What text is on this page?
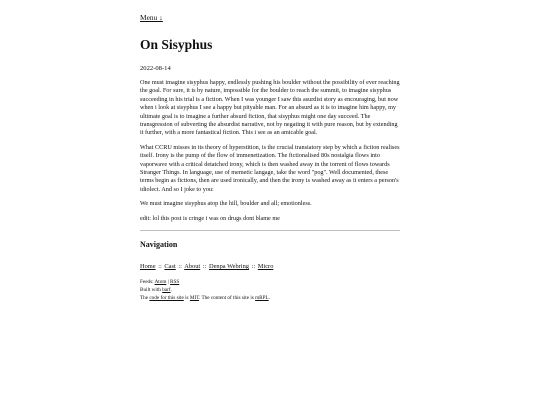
Menu ↓
On Sisyphus
2022-08-14

One must imagine sisyphus happy, endlessly pushing his boulder without the possibility of ever reaching the goal. For sure, it is by nature, impossible for the boulder to reach the summit, to imagine sisyphus succeeding in his trial is a fiction. When I was younger I saw this asurdist story as encouraging, but now when i look at sisyphus I see a happy but pityable man. For an absurd as it is to imagine him happy, my ultimate goal is to imagine a further absurd fiction, that sisyphus might one day succeed. The transgression of subverting the absurdist narrative, not by negating it with pure reason, but by extending it further, with a more fantastical fiction. This i see as an amicable goal.

What CCRU misses in its theory of hyperstition, is the crucial transiatory step by which a fiction realises itself. Irony is the pump of the flow of immenetization. The fictionalised 80s nostalgia flows into vaporwave with a critical detatched irony, which is then washed away in the torrent of flows towards Stranger Things. In language, use of memetic langage, take the word "pog". Well documented, these terms begin as fictions, then are used ironically, and then the irony is washed away as it enters a person's idiolect. And so I joke to you:

We must imagine sisyphus atop the hill, boulder and all; emotionless.

edit: lol this post is cringe i was on drugs dont blame me

Navigation
Home :: Cast :: About :: Denpa Webring :: Micro
Feeds: Atom | RSS
Built with barf.
The code for this site is MIT. The content of this site is mRPL.
